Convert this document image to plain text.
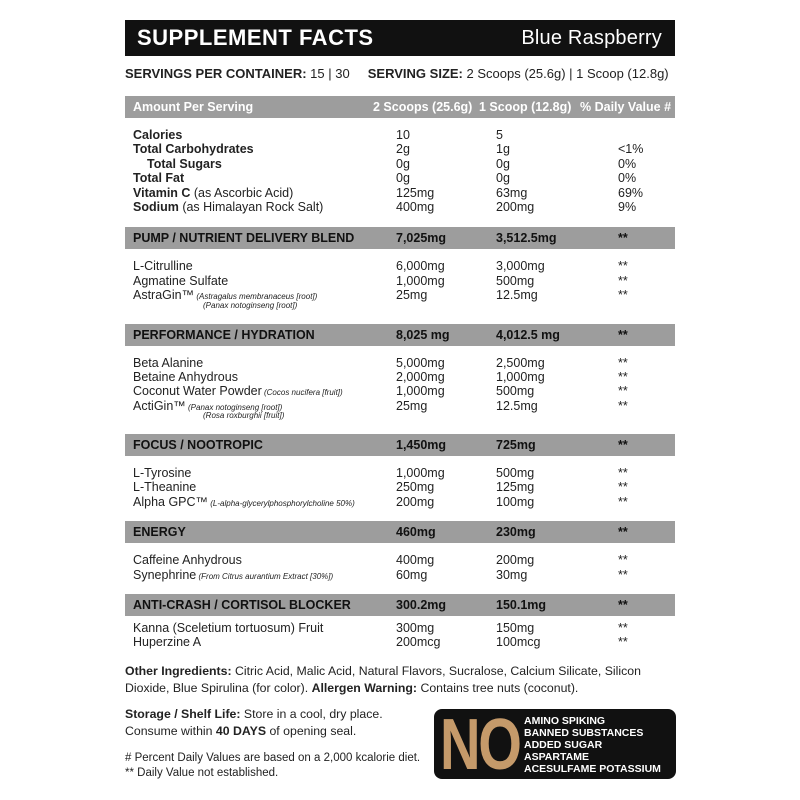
SUPPLEMENT FACTS	Blue Raspberry
SERVINGS PER CONTAINER: 15 | 30 SERVING SIZE: 2 Scoops (25.6g) | 1 Scoop (12.8g)
Amount Per Serving	2 Scoops (25.6g) 1 Scoop (12.8g) % Daily Value #
Calories	10	5
Total Carbohydrates	2g	1g	<1%
Total Sugars	0g	0g	0%
Total Fat	0g	0g	0%
Vitamin C (as Ascorbic Acid)	125mg	63mg	69%
Sodium (as Himalayan Rock Salt)	400mg	200mg	9%
PUMP / NUTRIENT DELIVERY BLEND	7,025mg	3,512.5mg	**
L-Citrulline	6,000mg	3,000mg	**
Agmatine Sulfate	1,000mg	500mg	**
AstraGin™ (Astragalus membranaceus [root])	25mg	12.5mg	**
(Panax notoginseng [root])
PERFORMANCE / HYDRATION	8,025 mg	4,012.5 mg	**
Beta Alanine	5,000mg	2,500mg	**
Betaine Anhydrous	2,000mg	1,000mg	**
Coconut Water Powder (Cocos nucifera [fruit])	1,000mg	500mg	**
ActiGin™ (Panax notoginseng [root])	25mg	12.5mg	**
(Rosa roxburghii [fruit])
FOCUS / NOOTROPIC	1,450mg	725mg	**
L-Tyrosine	1,000mg	500mg	**
L-Theanine	250mg	125mg	**
Alpha GPC™ (L-alpha-glycerylphosphorylcholine 50%)	200mg	100mg	**
ENERGY	460mg	230mg	**
Caffeine Anhydrous	400mg	200mg	**
Synephrine (From Citrus aurantium Extract [30%])	60mg	30mg	**
ANTI-CRASH / CORTISOL BLOCKER	300.2mg	150.1mg	**
Kanna (Sceletium tortuosum) Fruit	300mg	150mg	**
Huperzine A	200mcg	100mcg	**
Other Ingredients: Citric Acid, Malic Acid, Natural Flavors, Sucralose, Calcium Silicate, Silicon Dioxide, Blue Spirulina (for color). Allergen Warning: Contains tree nuts (coconut).
Storage / Shelf Life: Store in a cool, dry place.
Consume within 40 DAYS of opening seal.
# Percent Daily Values are based on a 2,000 kcalorie diet.
** Daily Value not established.	NO AMINO SPIKING
BANNED SUBSTANCES
ADDED SUGAR
ASPARTAME
ACESULFAME POTASSIUM
